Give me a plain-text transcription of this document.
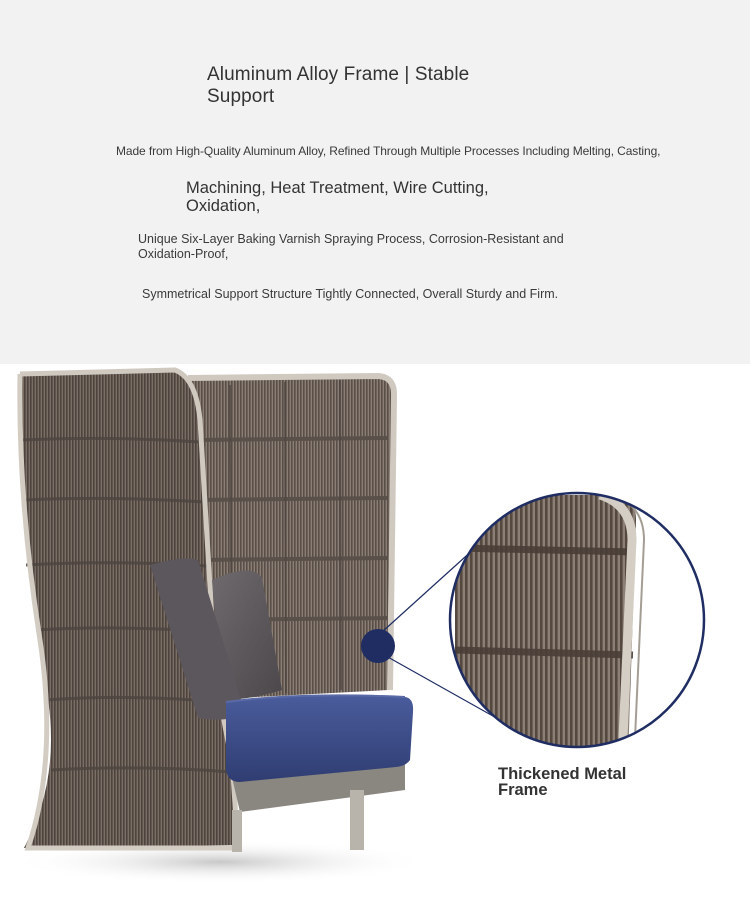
Aluminum Alloy Frame | Stable Support
Made from High-Quality Aluminum Alloy, Refined Through Multiple Processes Including Melting, Casting,
Machining, Heat Treatment, Wire Cutting, Oxidation,
Unique Six-Layer Baking Varnish Spraying Process, Corrosion-Resistant and Oxidation-Proof,
Symmetrical Support Structure Tightly Connected, Overall Sturdy and Firm.
Thickened Metal Frame
